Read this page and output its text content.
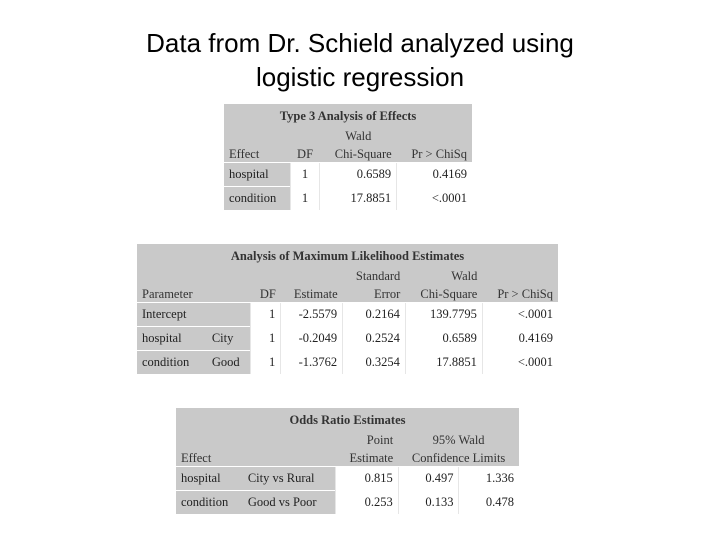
Data from Dr. Schield analyzed using
logistic regression
Type 3 Analysis of Effects			
		Wald	
Effect	DF	Chi-Square	Pr > ChiSq
hospital	1	0.6589	0.4169
condition	1	17.8851	<.0001
Analysis of Maximum Likelihood Estimates						
				Standard	Wald	
Parameter		DF	Estimate	Error	Chi-Square	Pr > ChiSq
Intercept		1	-2.5579	0.2164	139.7795	<.0001
hospital	City	1	-0.2049	0.2524	0.6589	0.4169
condition	Good	1	-1.3762	0.3254	17.8851	<.0001
Odds Ratio Estimates				
		Point	95% Wald	
Effect		Estimate	Confidence Limits	
hospital	City vs Rural	0.815	0.497	1.336
condition	Good vs Poor	0.253	0.133	0.478
